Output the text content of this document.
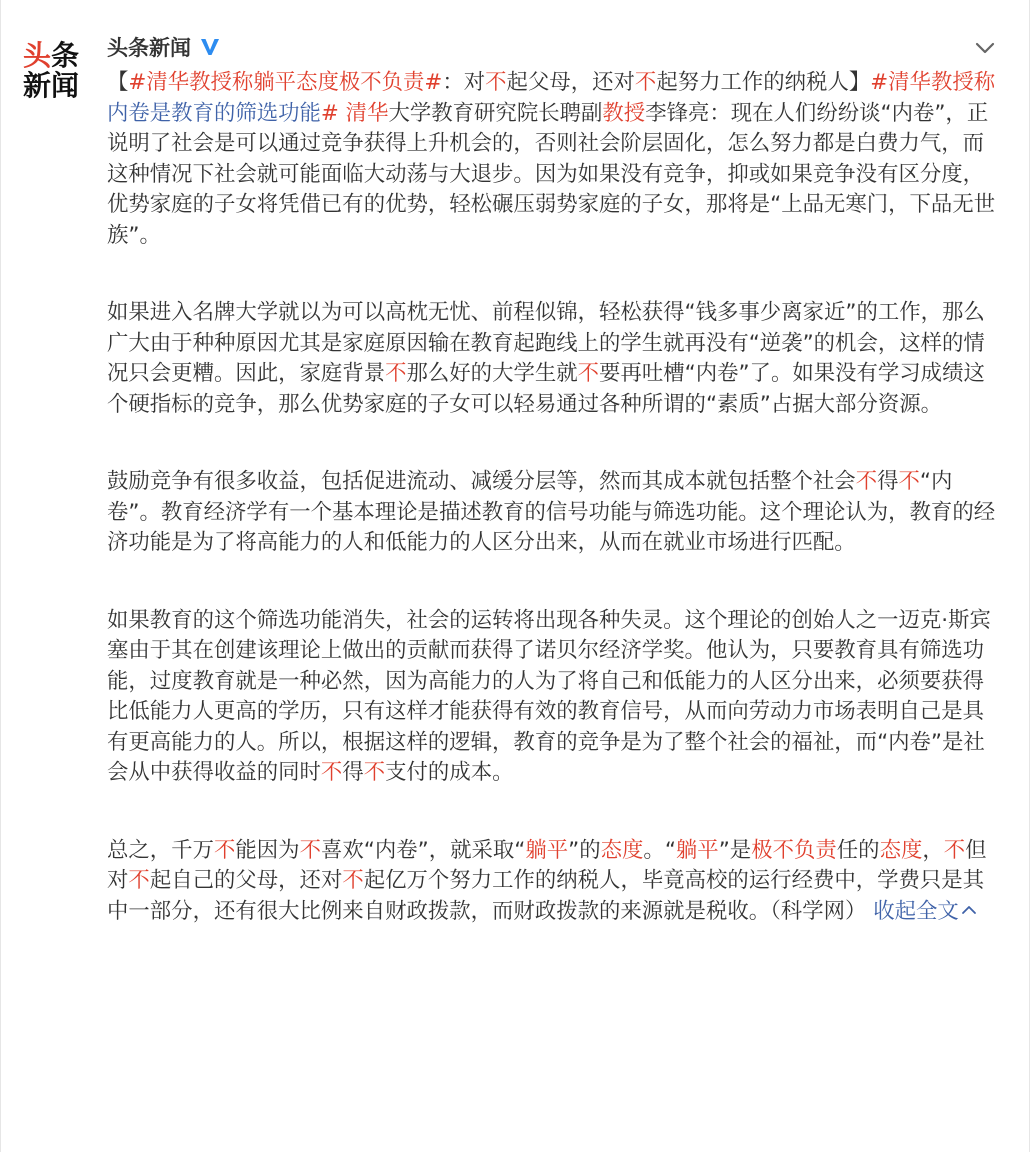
头条
新闻
头条新闻

【#清华教授称躺平态度极不负责#：对不起父母，还对不起努力工作的纳税人】#清华教授称内卷是教育的筛选功能# 清华大学教育研究院长聘副教授李锋亮：现在人们纷纷谈“内卷”，正说明了社会是可以通过竞争获得上升机会的，否则社会阶层固化，怎么努力都是白费力气，而这种情况下社会就可能面临大动荡与大退步。因为如果没有竞争，抑或如果竞争没有区分度，优势家庭的子女将凭借已有的优势，轻松碾压弱势家庭的子女，那将是“上品无寒门，下品无世族”。

如果进入名牌大学就以为可以高枕无忧、前程似锦，轻松获得“钱多事少离家近”的工作，那么广大由于种种原因尤其是家庭原因输在教育起跑线上的学生就再没有“逆袭”的机会，这样的情况只会更糟。因此，家庭背景不那么好的大学生就不要再吐槽“内卷”了。如果没有学习成绩这个硬指标的竞争，那么优势家庭的子女可以轻易通过各种所谓的“素质”占据大部分资源。

鼓励竞争有很多收益，包括促进流动、减缓分层等，然而其成本就包括整个社会不得不“内卷”。教育经济学有一个基本理论是描述教育的信号功能与筛选功能。这个理论认为，教育的经济功能是为了将高能力的人和低能力的人区分出来，从而在就业市场进行匹配。

如果教育的这个筛选功能消失，社会的运转将出现各种失灵。这个理论的创始人之一迈克·斯宾塞由于其在创建该理论上做出的贡献而获得了诺贝尔经济学奖。他认为，只要教育具有筛选功能，过度教育就是一种必然，因为高能力的人为了将自己和低能力的人区分出来，必须要获得比低能力人更高的学历，只有这样才能获得有效的教育信号，从而向劳动力市场表明自己是具有更高能力的人。所以，根据这样的逻辑，教育的竞争是为了整个社会的福祉，而“内卷”是社会从中获得收益的同时不得不支付的成本。

总之，千万不能因为不喜欢“内卷”，就采取“躺平”的态度。“躺平”是极不负责任的态度，不但对不起自己的父母，还对不起亿万个努力工作的纳税人，毕竟高校的运行经费中，学费只是其中一部分，还有很大比例来自财政拨款，而财政拨款的来源就是税收。（科学网） 收起全文
